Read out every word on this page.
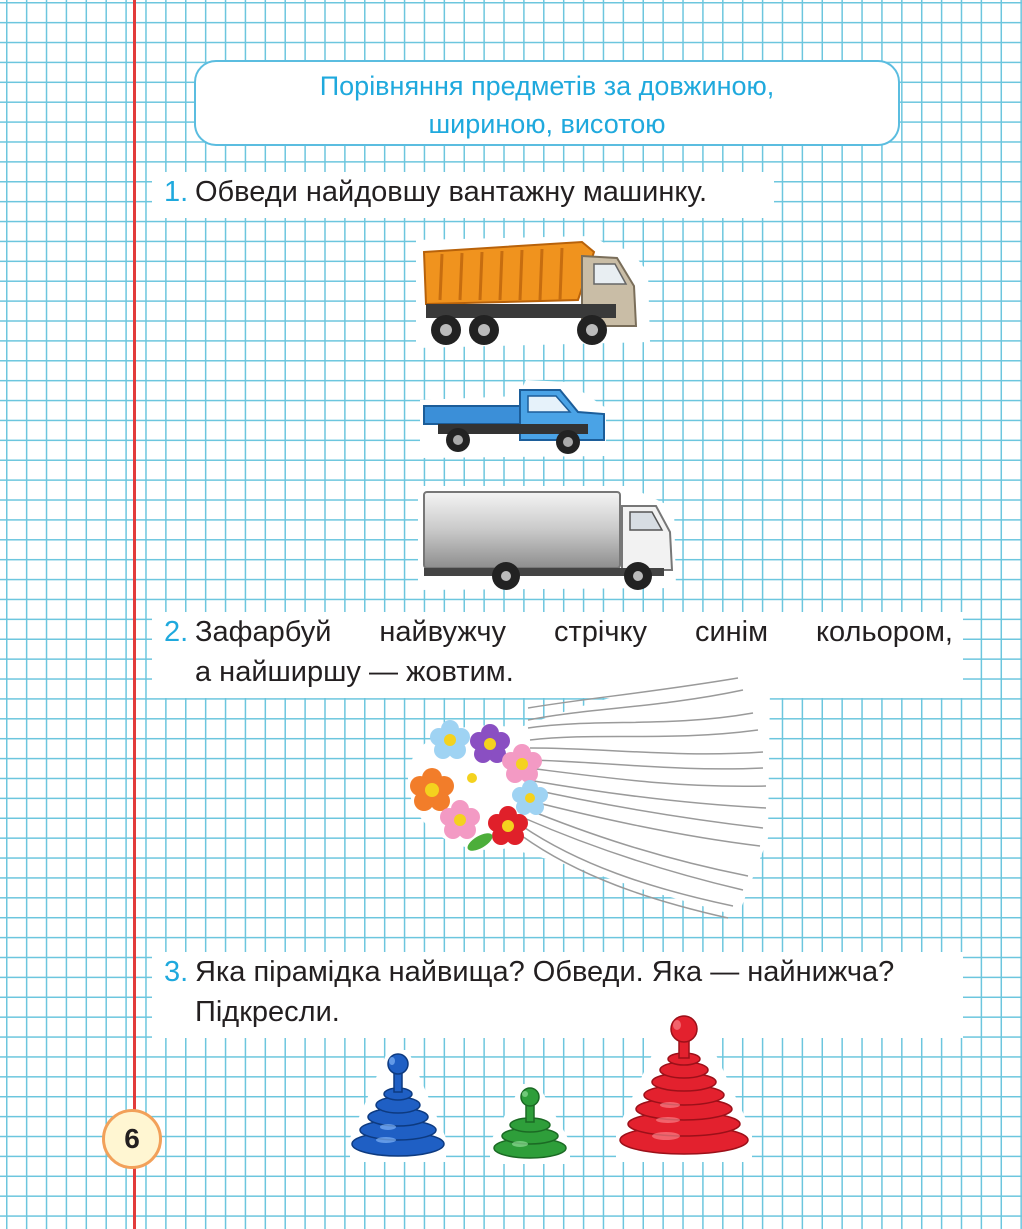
Порівняння предметів за довжиною,
шириною, висотою
1. Обведи найдовшу вантажну машинку.
2. Зафарбуй найвужчу стрічку синім кольором,
а найширшу — жовтим.
3. Яка пірамідка найвища? Обведи. Яка — найнижча?
Підкресли.
6
